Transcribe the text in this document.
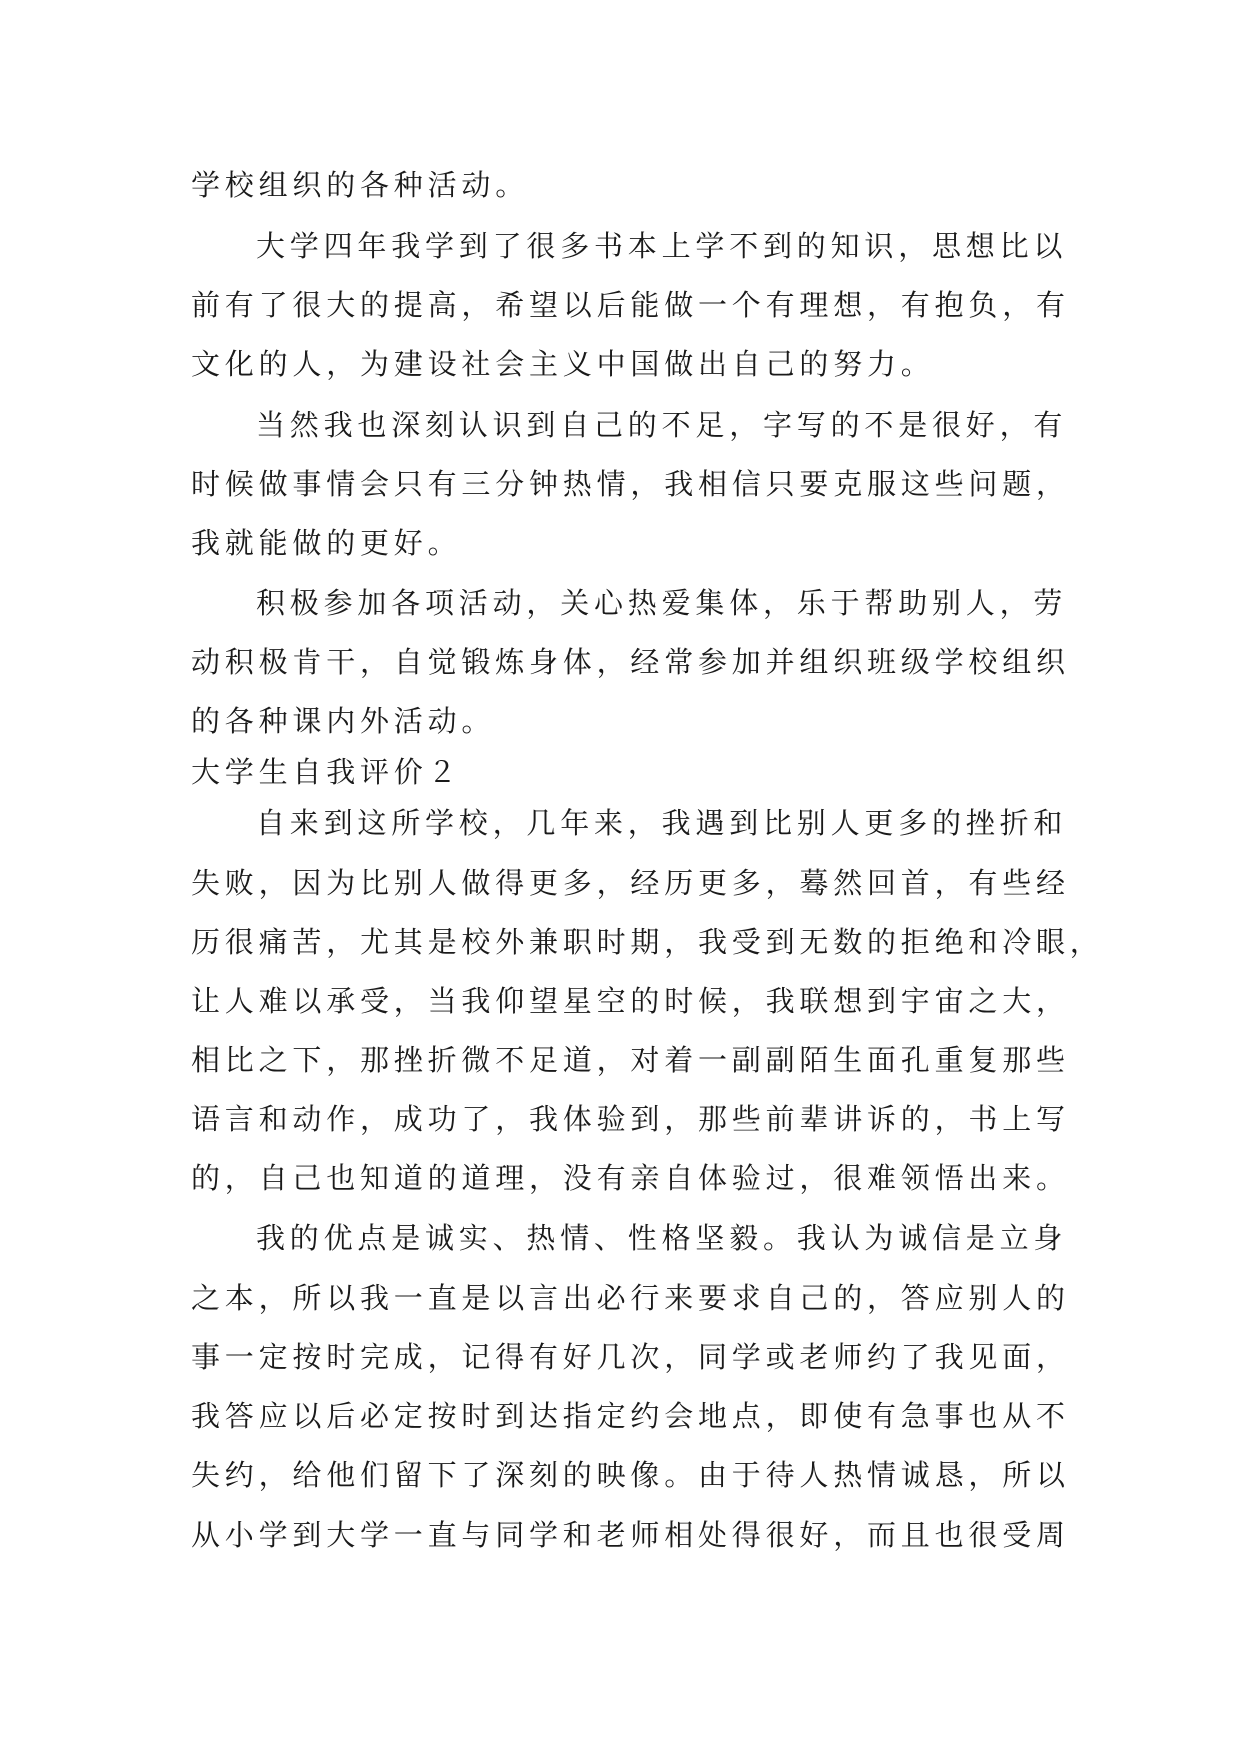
学校组织的各种活动。
大学四年我学到了很多书本上学不到的知识，思想比以
前有了很大的提高，希望以后能做一个有理想，有抱负，有
文化的人，为建设社会主义中国做出自己的努力。
当然我也深刻认识到自己的不足，字写的不是很好，有
时候做事情会只有三分钟热情，我相信只要克服这些问题，
我就能做的更好。
积极参加各项活动，关心热爱集体，乐于帮助别人，劳
动积极肯干，自觉锻炼身体，经常参加并组织班级学校组织
的各种课内外活动。
大学生自我评价２
自来到这所学校，几年来，我遇到比别人更多的挫折和
失败，因为比别人做得更多，经历更多，蓦然回首，有些经
历很痛苦，尤其是校外兼职时期，我受到无数的拒绝和冷眼，
让人难以承受，当我仰望星空的时候，我联想到宇宙之大，
相比之下，那挫折微不足道，对着一副副陌生面孔重复那些
语言和动作，成功了，我体验到，那些前辈讲诉的，书上写
的，自己也知道的道理，没有亲自体验过，很难领悟出来。
我的优点是诚实、热情、性格坚毅。我认为诚信是立身
之本，所以我一直是以言出必行来要求自己的，答应别人的
事一定按时完成，记得有好几次，同学或老师约了我见面，
我答应以后必定按时到达指定约会地点，即使有急事也从不
失约，给他们留下了深刻的映像。由于待人热情诚恳，所以
从小学到大学一直与同学和老师相处得很好，而且也很受周
